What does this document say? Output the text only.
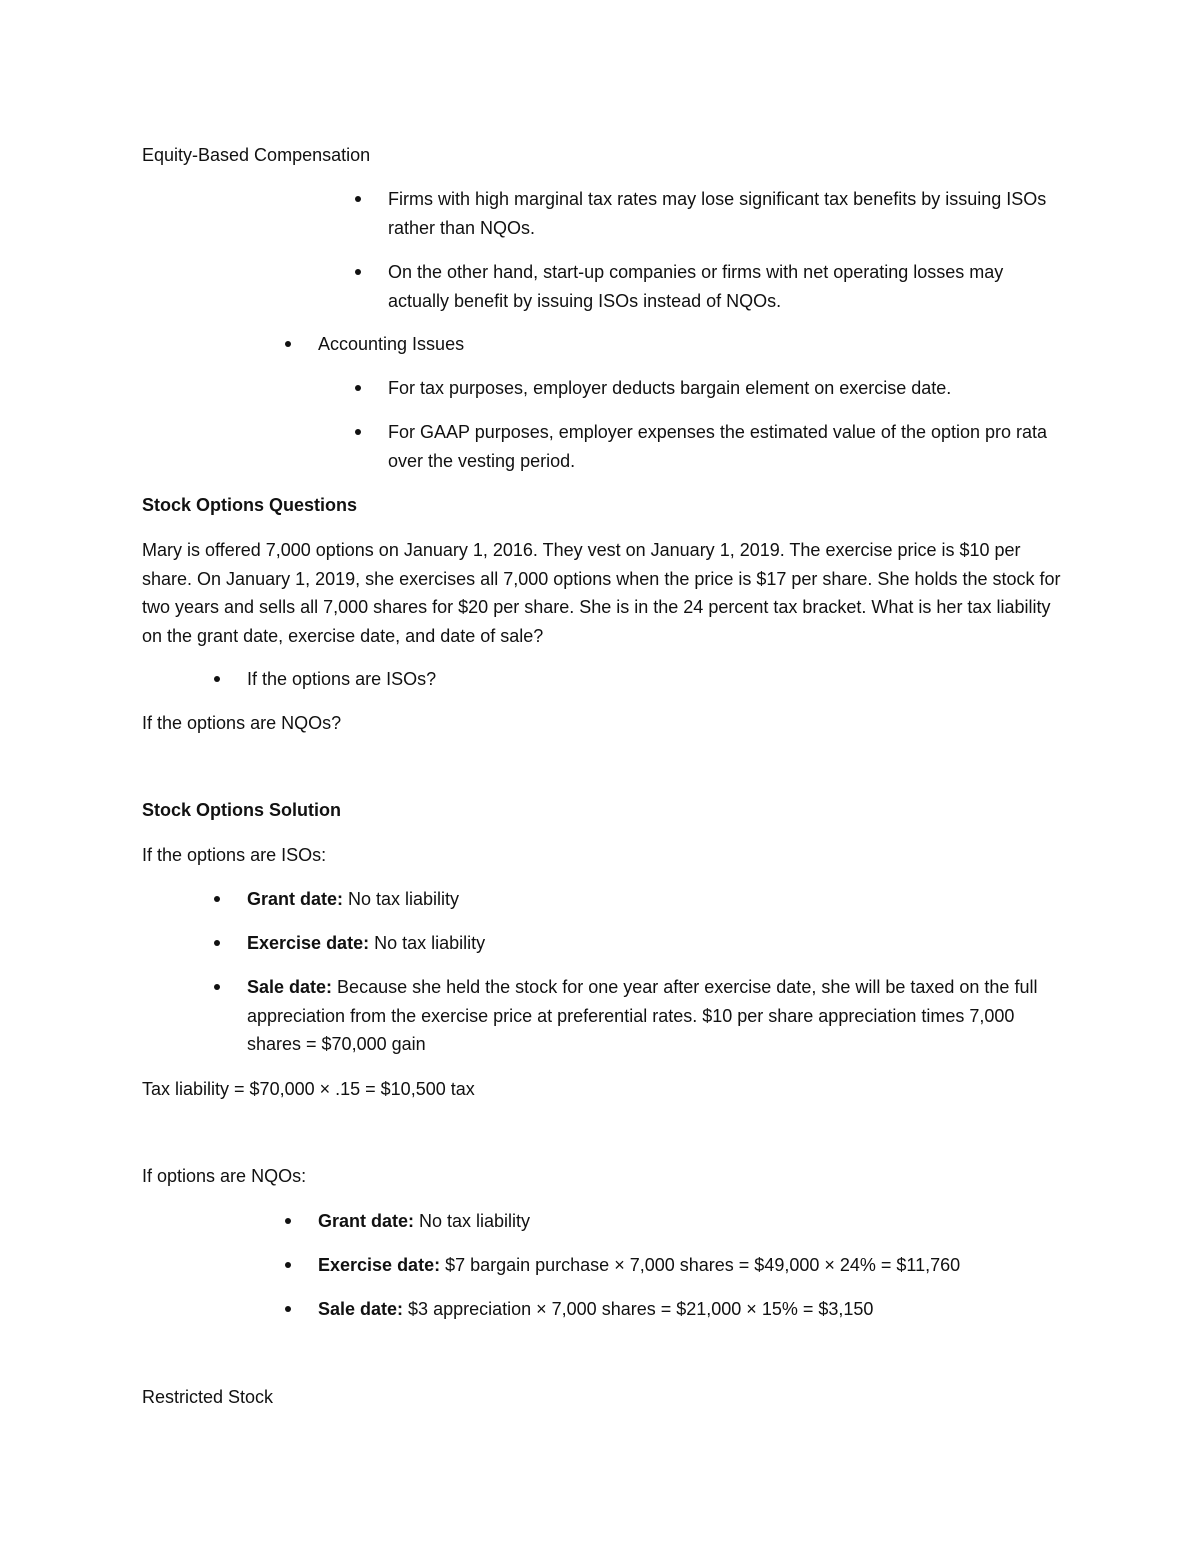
Equity-Based Compensation

Firms with high marginal tax rates may lose significant tax benefits by issuing ISOs rather than NQOs.
On the other hand, start-up companies or firms with net operating losses may actually benefit by issuing ISOs instead of NQOs.
Accounting Issues
For tax purposes, employer deducts bargain element on exercise date.
For GAAP purposes, employer expenses the estimated value of the option pro rata over the vesting period.

Stock Options Questions

Mary is offered 7,000 options on January 1, 2016. They vest on January 1, 2019. The exercise price is $10 per share. On January 1, 2019, she exercises all 7,000 options when the price is $17 per share. She holds the stock for two years and sells all 7,000 shares for $20 per share. She is in the 24 percent tax bracket. What is her tax liability on the grant date, exercise date, and date of sale?

If the options are ISOs?

If the options are NQOs?

Stock Options Solution

If the options are ISOs:

Grant date: No tax liability
Exercise date: No tax liability
Sale date: Because she held the stock for one year after exercise date, she will be taxed on the full appreciation from the exercise price at preferential rates. $10 per share appreciation times 7,000 shares = $70,000 gain

Tax liability = $70,000 × .15 = $10,500 tax

If options are NQOs:

Grant date: No tax liability
Exercise date: $7 bargain purchase × 7,000 shares = $49,000 × 24% = $11,760
Sale date: $3 appreciation × 7,000 shares = $21,000 × 15% = $3,150

Restricted Stock
